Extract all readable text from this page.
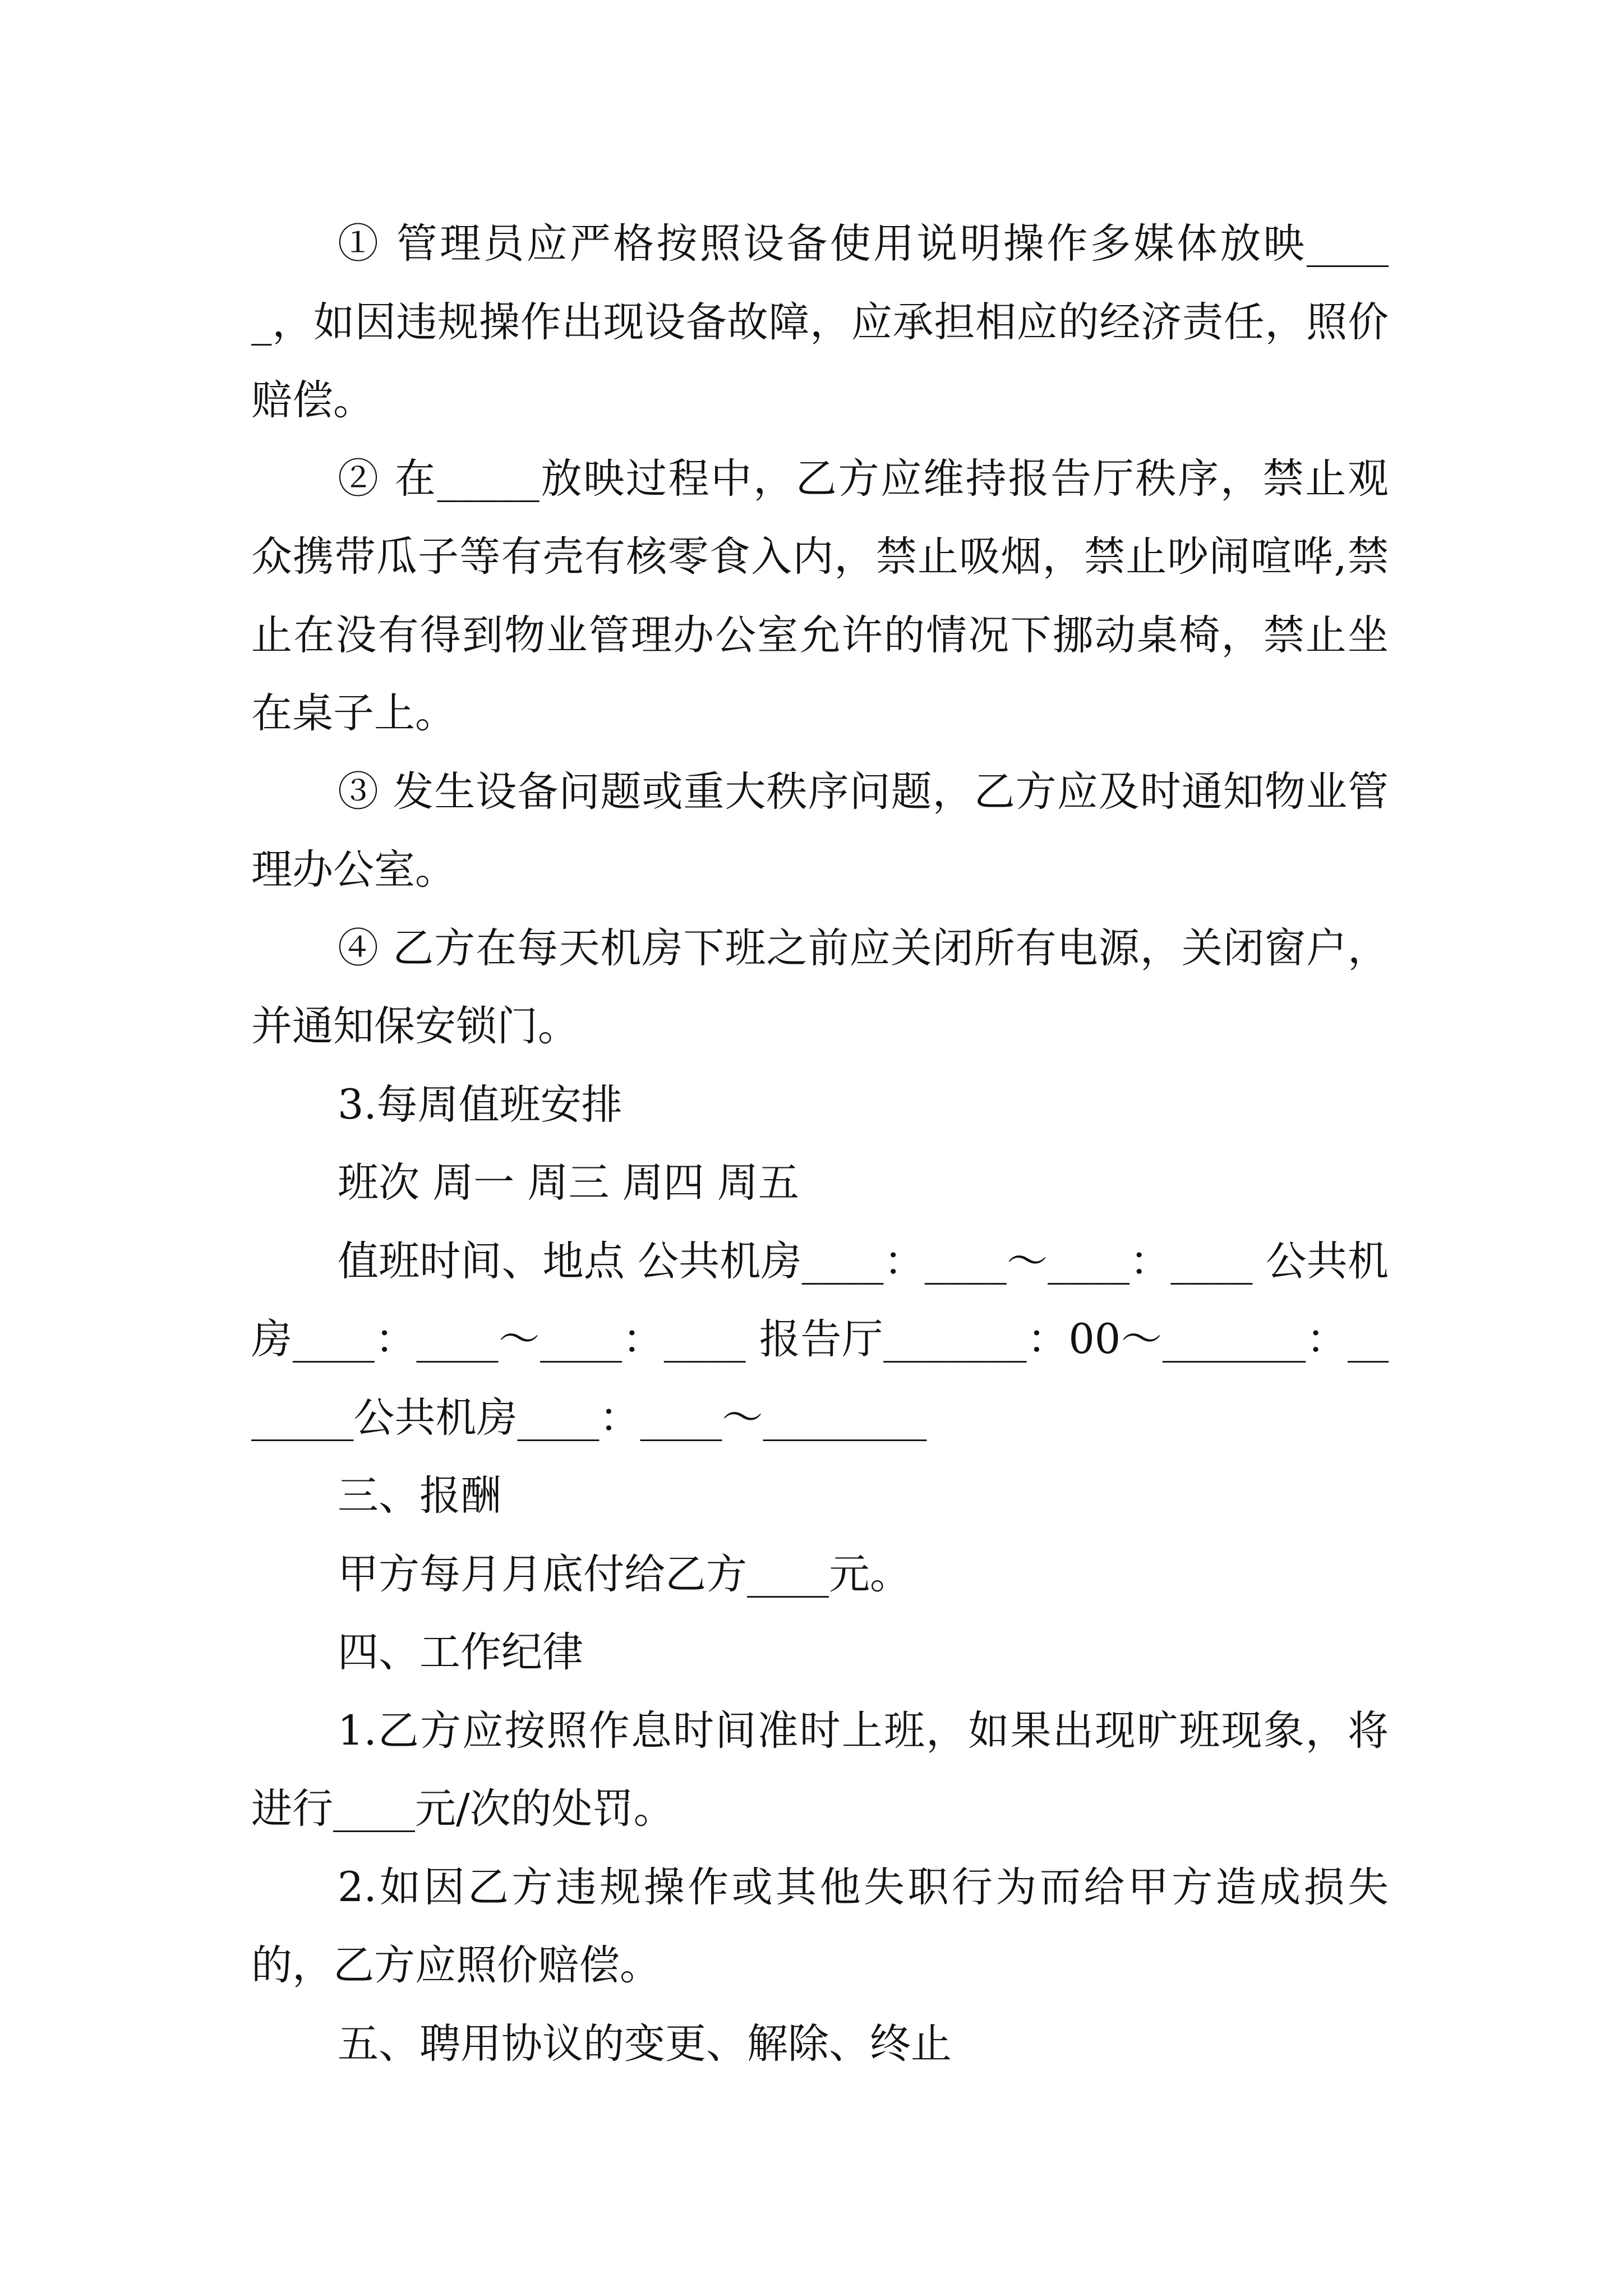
① 管理员应严格按照设备使用说明操作多媒体放映_____，如因违规操作出现设备故障，应承担相应的经济责任，照价赔偿。

② 在_____放映过程中，乙方应维持报告厅秩序，禁止观众携带瓜子等有壳有核零食入内，禁止吸烟，禁止吵闹喧哗,禁止在没有得到物业管理办公室允许的情况下挪动桌椅，禁止坐在桌子上。

③ 发生设备问题或重大秩序问题，乙方应及时通知物业管理办公室。

④ 乙方在每天机房下班之前应关闭所有电源，关闭窗户，并通知保安锁门。

3.每周值班安排

班次 周一 周三 周四 周五

值班时间、地点 公共机房____：____～____：____ 公共机房____：____～____：____ 报告厅_______：00～_______：_______公共机房____：____～________

三、报酬

甲方每月月底付给乙方____元。

四、工作纪律

1.乙方应按照作息时间准时上班，如果出现旷班现象，将进行____元/次的处罚。

2.如因乙方违规操作或其他失职行为而给甲方造成损失的，乙方应照价赔偿。

五、聘用协议的变更、解除、终止
